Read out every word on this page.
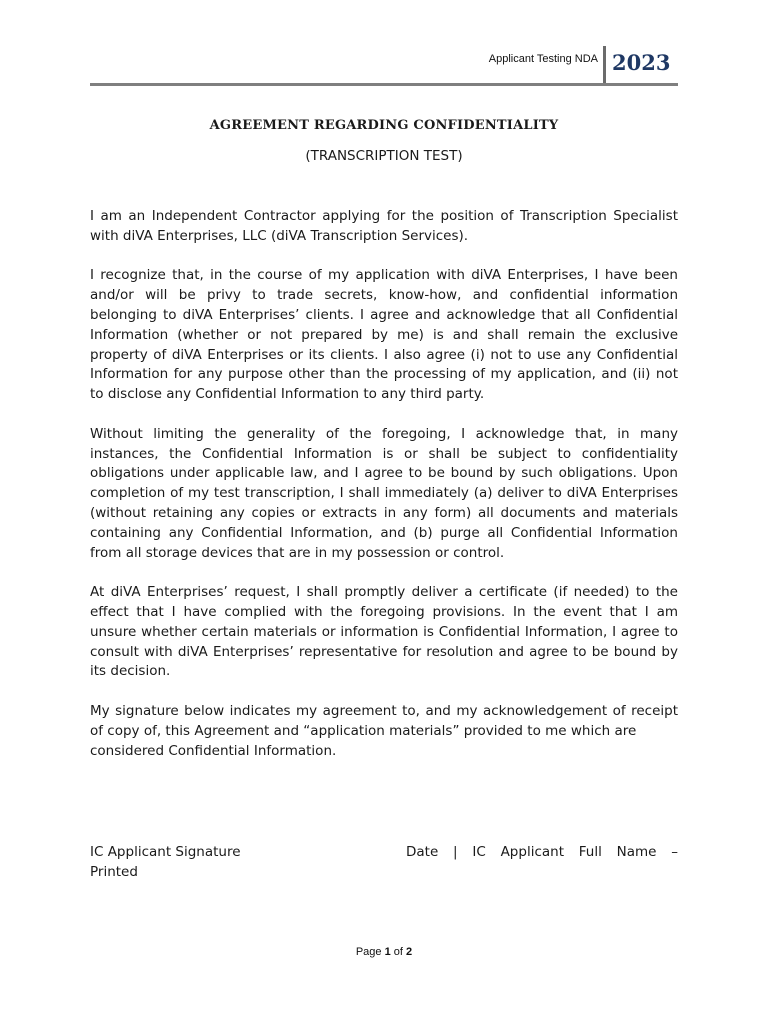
Applicant Testing NDA 2023
AGREEMENT REGARDING CONFIDENTIALITY
(TRANSCRIPTION TEST)

I am an Independent Contractor applying for the position of Transcription Specialist with diVA Enterprises, LLC (diVA Transcription Services).

I recognize that, in the course of my application with diVA Enterprises, I have been and/or will be privy to trade secrets, know-how, and confidential information belonging to diVA Enterprises’ clients. I agree and acknowledge that all Confidential Information (whether or not prepared by me) is and shall remain the exclusive property of diVA Enterprises or its clients. I also agree (i) not to use any Confidential Information for any purpose other than the processing of my application, and (ii) not to disclose any Confidential Information to any third party.

Without limiting the generality of the foregoing, I acknowledge that, in many instances, the Confidential Information is or shall be subject to confidentiality obligations under applicable law, and I agree to be bound by such obligations. Upon completion of my test transcription, I shall immediately (a) deliver to diVA Enterprises (without retaining any copies or extracts in any form) all documents and materials containing any Confidential Information, and (b) purge all Confidential Information from all storage devices that are in my possession or control.

At diVA Enterprises’ request, I shall promptly deliver a certificate (if needed) to the effect that I have complied with the foregoing provisions. In the event that I am unsure whether certain materials or information is Confidential Information, I agree to consult with diVA Enterprises’ representative for resolution and agree to be bound by its decision.

My signature below indicates my agreement to, and my acknowledgement of receipt of copy of, this Agreement and “application materials” provided to me which are
considered Confidential Information.

IC Applicant Signature Printed
Date | IC Applicant Full Name –
Page 1 of 2
